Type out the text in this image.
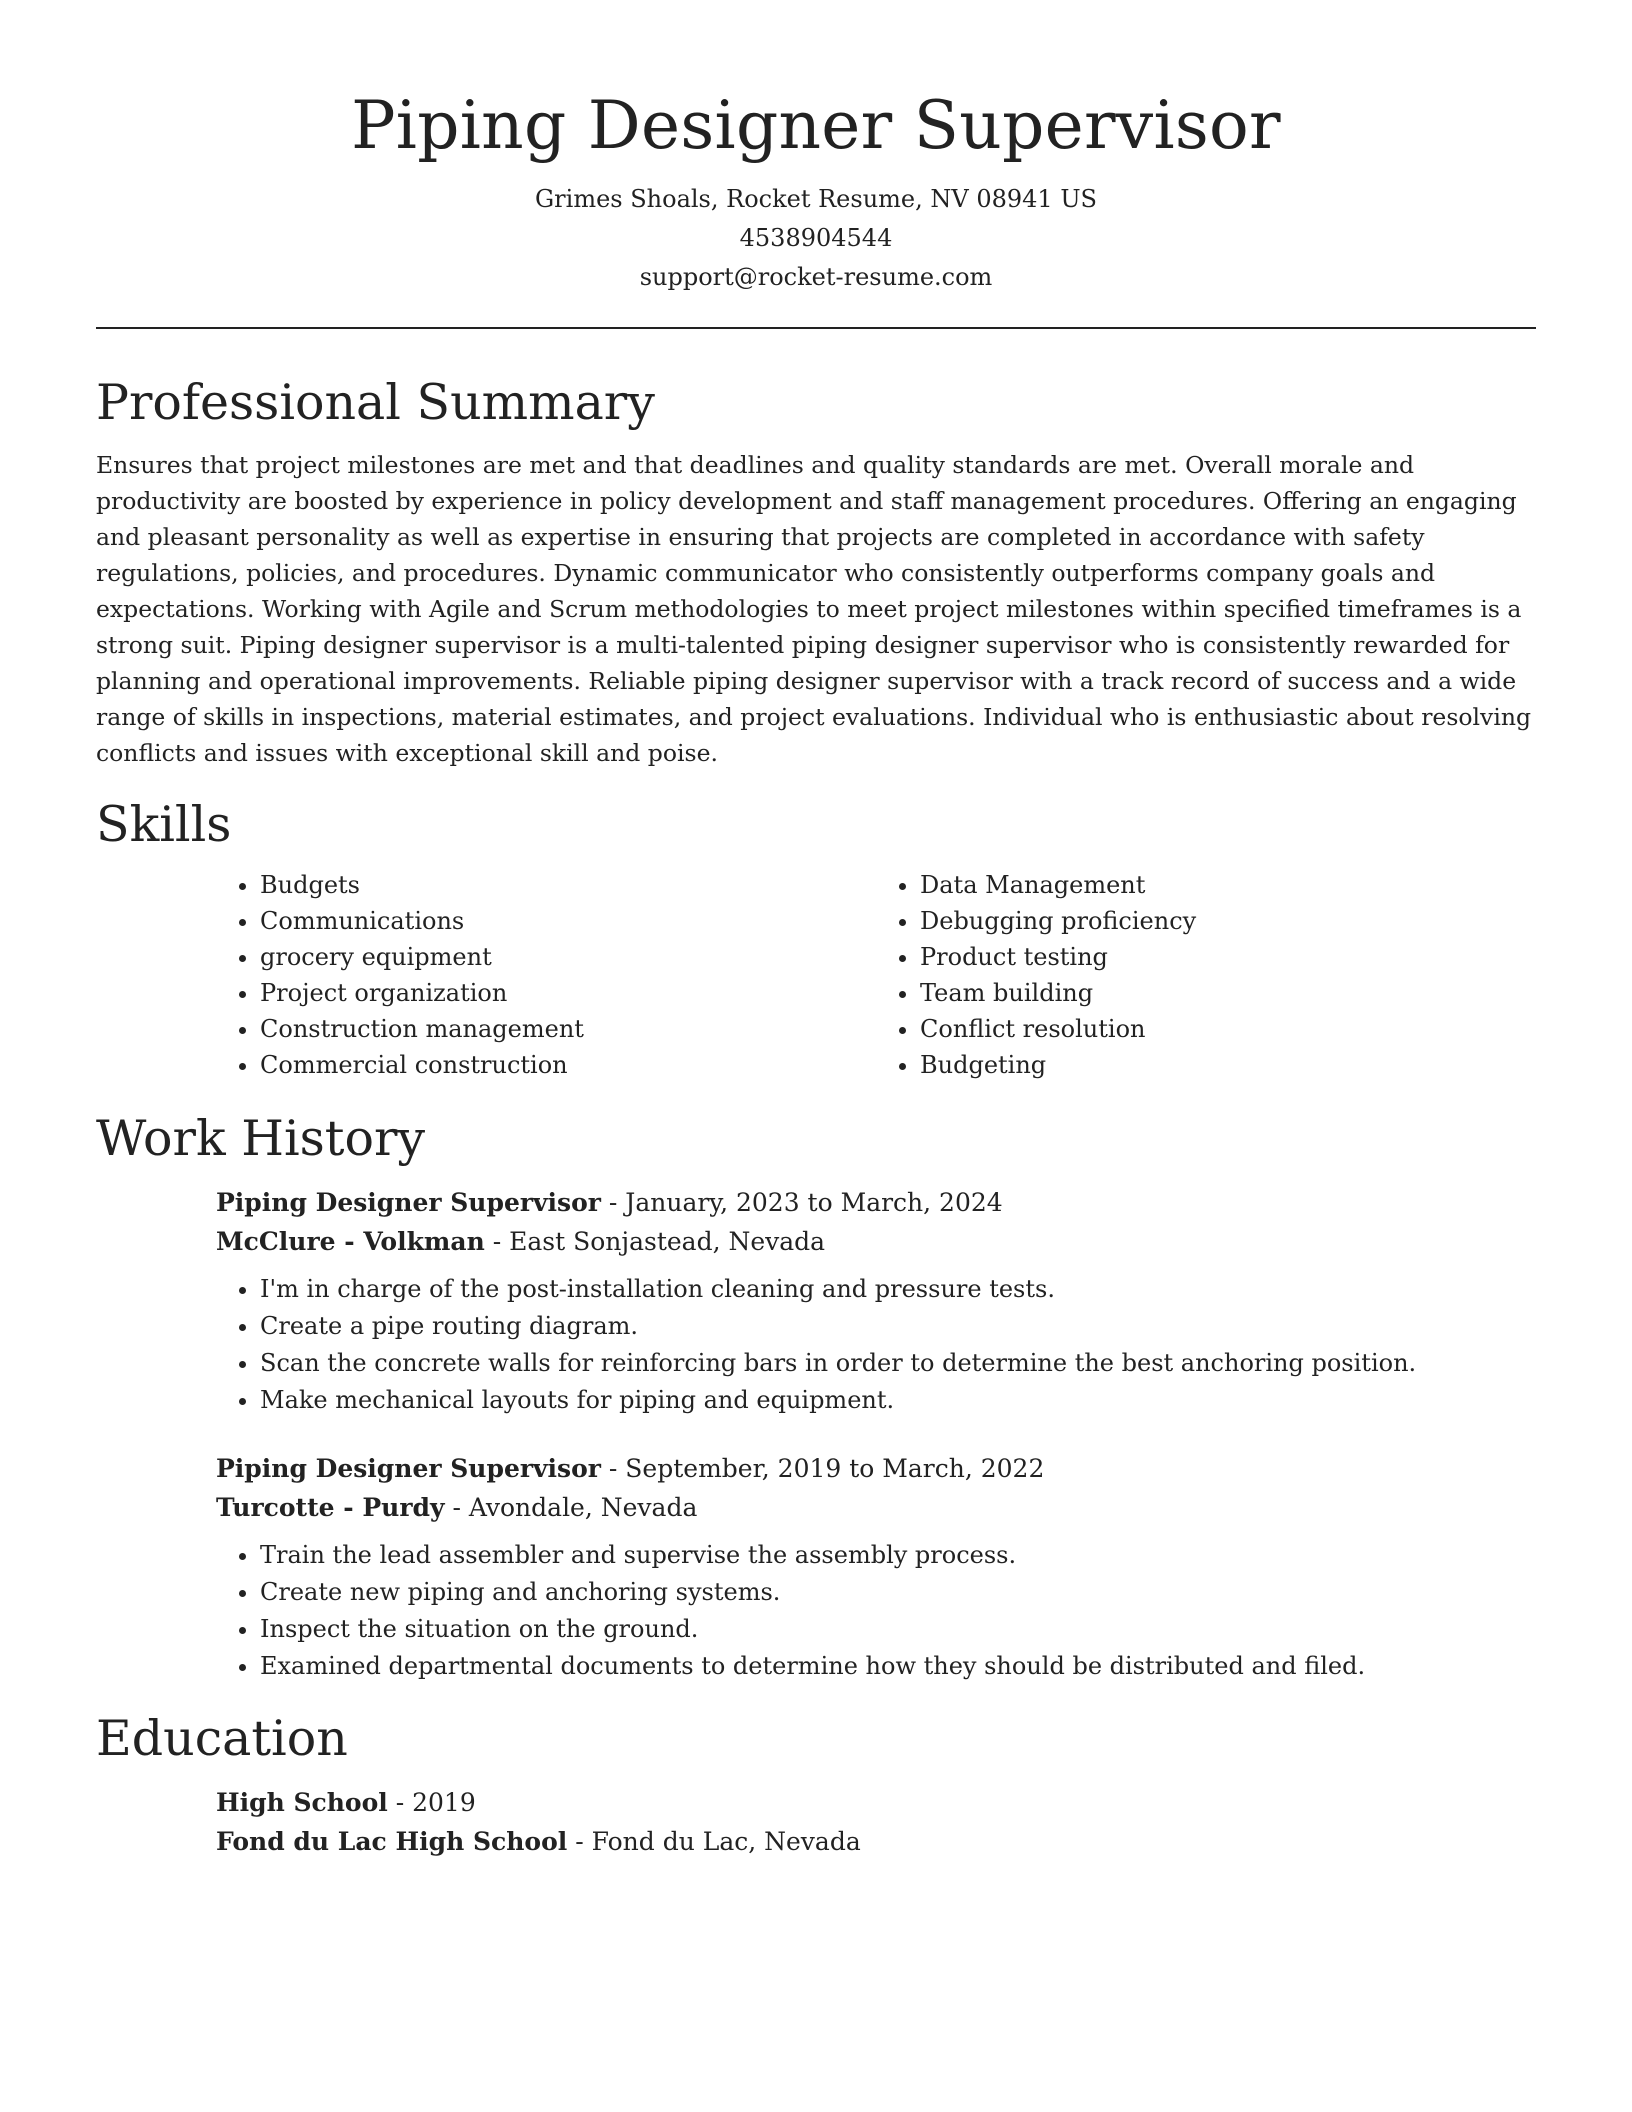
Piping Designer Supervisor
Grimes Shoals, Rocket Resume, NV 08941 US
4538904544
support@rocket-resume.com
Professional Summary

Ensures that project milestones are met and that deadlines and quality standards are met. Overall morale and productivity are boosted by experience in policy development and staff management procedures. Offering an engaging and pleasant personality as well as expertise in ensuring that projects are completed in accordance with safety regulations, policies, and procedures. Dynamic communicator who consistently outperforms company goals and expectations. Working with Agile and Scrum methodologies to meet project milestones within specified timeframes is a strong suit. Piping designer supervisor is a multi-talented piping designer supervisor who is consistently rewarded for planning and operational improvements. Reliable piping designer supervisor with a track record of success and a wide range of skills in inspections, material estimates, and project evaluations. Individual who is enthusiastic about resolving conflicts and issues with exceptional skill and poise.

Skills
• Budgets
• Communications
• grocery equipment
• Project organization
• Construction management
• Commercial construction
• Data Management
• Debugging proficiency
• Product testing
• Team building
• Conflict resolution
• Budgeting
Work History
Piping Designer Supervisor - January, 2023 to March, 2024
McClure - Volkman - East Sonjastead, Nevada
• I'm in charge of the post-installation cleaning and pressure tests.
• Create a pipe routing diagram.
• Scan the concrete walls for reinforcing bars in order to determine the best anchoring position.
• Make mechanical layouts for piping and equipment.
Piping Designer Supervisor - September, 2019 to March, 2022
Turcotte - Purdy - Avondale, Nevada
• Train the lead assembler and supervise the assembly process.
• Create new piping and anchoring systems.
• Inspect the situation on the ground.
• Examined departmental documents to determine how they should be distributed and filed.
Education
High School - 2019
Fond du Lac High School - Fond du Lac, Nevada
